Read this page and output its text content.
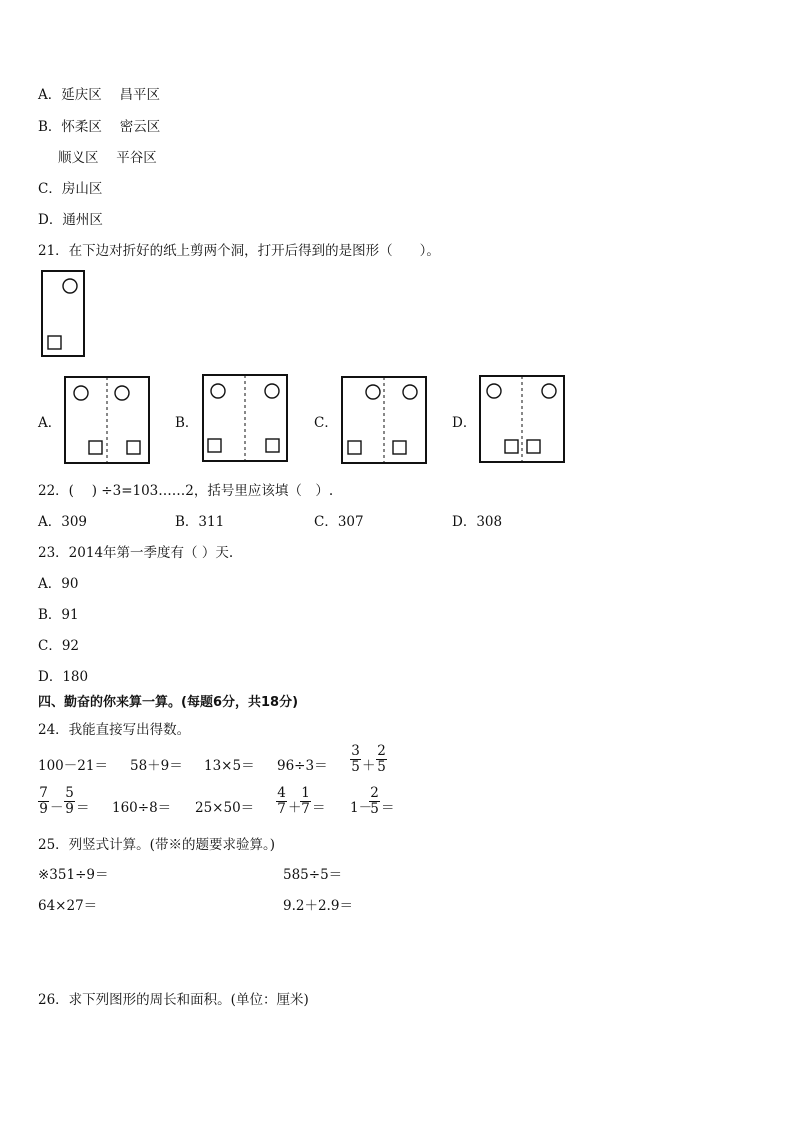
A．延庆区 　昌平区
B．怀柔区 　密云区
顺义区 　平谷区
C．房山区
D．通州区
21．在下边对折好的纸上剪两个洞，打开后得到的是图形（　　）。
A．	B．	C．	D．
22．(　 ) ÷3=103……2，括号里应该填（　）.
A．309	B．311	C．307	D．308
23．2014年第一季度有（ ）天.
A．90
B．91
C．92
D．180
四、勤奋的你来算一算。(每题6分，共18分)
24．我能直接写出得数。
100－21＝ 58＋9＝ 13×5＝ 96÷3＝
3
5 ＋
2
5
7
9 －
5
9 ＝ 160÷8＝ 25×50＝
4
7 ＋
1
7 ＝ 1－
2
5 ＝
25．列竖式计算。(带※的题要求验算。)
※351÷9＝	585÷5＝
64×27＝	9.2＋2.9＝
26．求下列图形的周长和面积。(单位：厘米)
